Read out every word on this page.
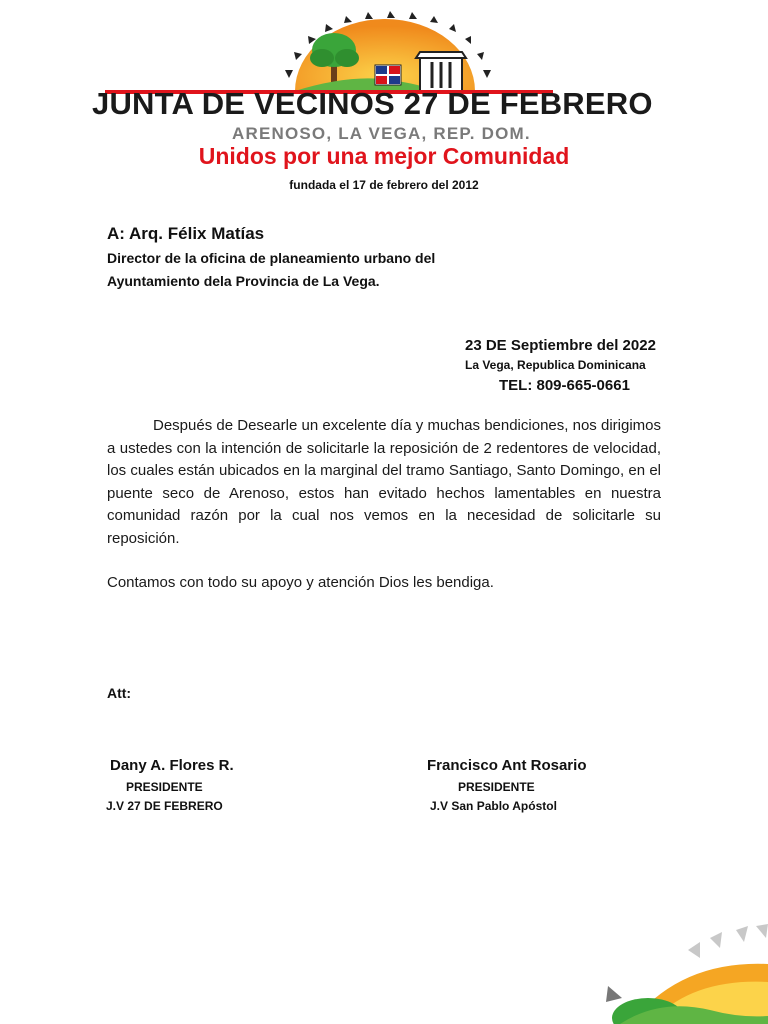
JUNTA DE VECINOS 27 DE FEBRERO
ARENOSO, LA VEGA, REP. DOM.
Unidos por una mejor Comunidad
fundada el 17 de febrero del 2012
A: Arq. Félix Matías
Director de la oficina de planeamiento urbano del
Ayuntamiento dela Provincia de La Vega.
23 DE Septiembre del 2022
La Vega, Republica Dominicana
TEL: 809-665-0661
Después de Desearle un excelente día y muchas bendiciones, nos dirigimos a ustedes con la intención de solicitarle la reposición de 2 redentores de velocidad, los cuales están ubicados en la marginal del tramo Santiago, Santo Domingo, en el puente seco de Arenoso, estos han evitado hechos lamentables en nuestra comunidad razón por la cual nos vemos en la necesidad de solicitarle su reposición.
Contamos con todo su apoyo y atención Dios les bendiga.
Att:
Dany A. Flores R.
PRESIDENTE
J.V 27 DE FEBRERO
Francisco Ant Rosario
PRESIDENTE
J.V San Pablo Apóstol
